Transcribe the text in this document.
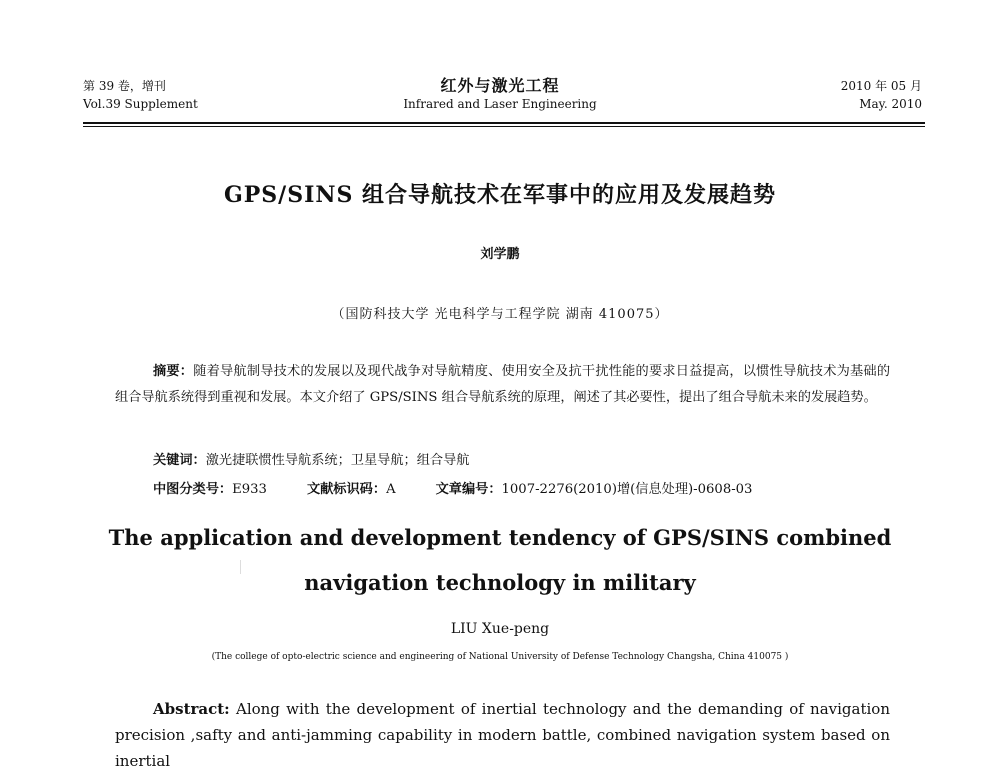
第 39 卷，增刊
Vol.39 Supplement
红外与激光工程
Infrared and Laser Engineering
2010 年 05 月
May. 2010
GPS/SINS 组合导航技术在军事中的应用及发展趋势
刘学鹏
（国防科技大学 光电科学与工程学院 湖南 410075）
摘要：随着导航制导技术的发展以及现代战争对导航精度、使用安全及抗干扰性能的要求日益提高，以惯性导航技术为基础的组合导航系统得到重视和发展。本文介绍了 GPS/SINS 组合导航系统的原理，阐述了其必要性，提出了组合导航未来的发展趋势。
关键词：激光捷联惯性导航系统；卫星导航；组合导航
中图分类号：E933	文献标识码：A	文章编号：1007-2276(2010)增(信息处理)-0608-03
The application and development tendency of GPS/SINS combined
navigation technology in military
LIU Xue-peng
(The college of opto-electric science and engineering of National University of Defense Technology Changsha, China 410075 )
Abstract: Along with the development of inertial technology and the demanding of navigation precision ,safty and anti-jamming capability in modern battle, combined navigation system based on inertial
